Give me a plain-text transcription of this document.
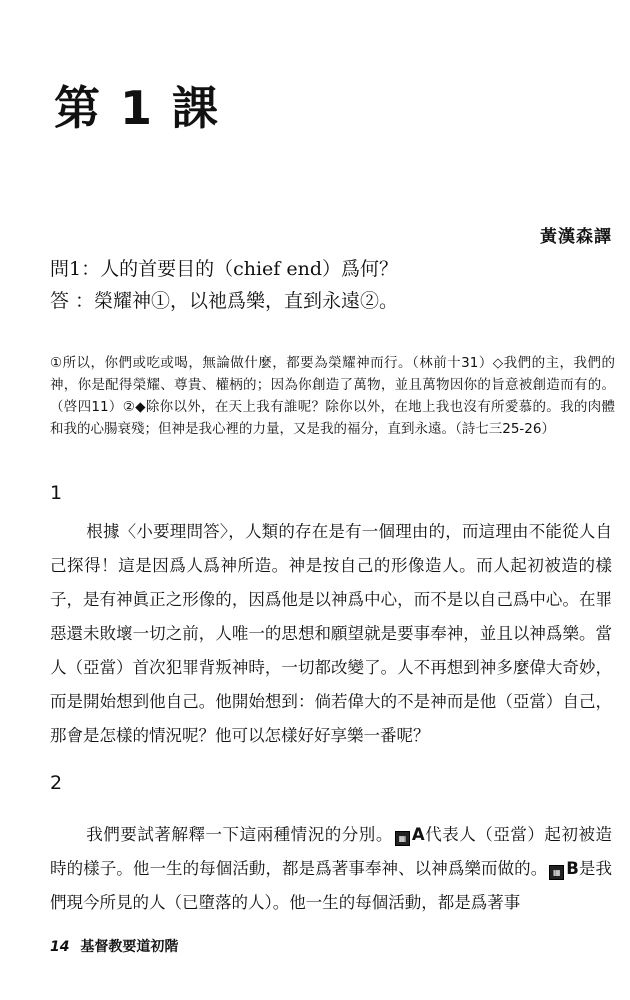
第 1 課
黃漢森譯
問1：人的首要目的（chief end）爲何？
答 ：榮耀神①，以祂爲樂，直到永遠②。

①所以，你們或吃或喝，無論做什麼，都要為榮耀神而行。（林前十31）◇我們的主，我們的神，你是配得榮耀、尊貴、權柄的；因為你創造了萬物，並且萬物因你的旨意被創造而有的。（啓四11）②◆除你以外，在天上我有誰呢？除你以外，在地上我也沒有所愛慕的。我的肉體和我的心腸衰殘；但神是我心裡的力量，又是我的福分，直到永遠。（詩七三25-26）

1

根據〈小要理問答〉，人類的存在是有一個理由的，而這理由不能從人自己探得！這是因爲人爲神所造。神是按自己的形像造人。而人起初被造的樣子，是有神眞正之形像的，因爲他是以神爲中心，而不是以自己爲中心。在罪惡還未敗壞一切之前，人唯一的思想和願望就是要事奉神，並且以神爲樂。當人（亞當）首次犯罪背叛神時，一切都改變了。人不再想到神多麼偉大奇妙，而是開始想到他自己。他開始想到：倘若偉大的不是神而是他（亞當）自己，那會是怎樣的情況呢？他可以怎樣好好享樂一番呢？

2

我們要試著解釋一下這兩種情況的分別。 ▦ A代表人（亞當）起初被造時的樣子。他一生的每個活動，都是爲著事奉神、以神爲樂而做的。 ▦ B是我們現今所見的人（已墮落的人）。他一生的每個活動，都是爲著事

14 基督教要道初階
